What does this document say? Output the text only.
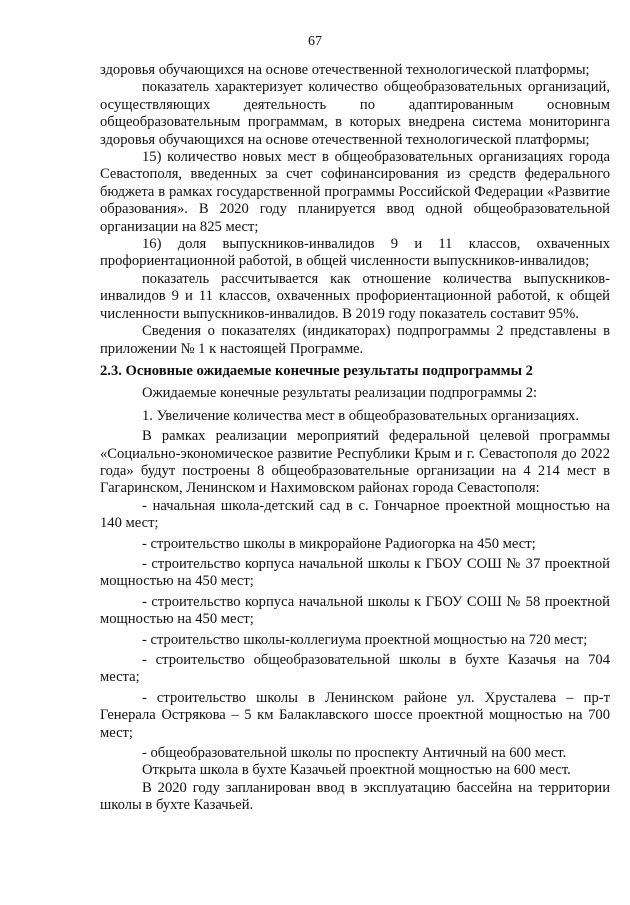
67

здоровья обучающихся на основе отечественной технологической платформы;

показатель характеризует количество общеобразовательных организаций, осуществляющих деятельность по адаптированным основным общеобразовательным программам, в которых внедрена система мониторинга здоровья обучающихся на основе отечественной технологической платформы;

15) количество новых мест в общеобразовательных организациях города Севастополя, введенных за счет софинансирования из средств федерального бюджета в рамках государственной программы Российской Федерации «Развитие образования». В 2020 году планируется ввод одной общеобразовательной организации на 825 мест;

16) доля выпускников-инвалидов 9 и 11 классов, охваченных профориентационной работой, в общей численности выпускников-инвалидов;

показатель рассчитывается как отношение количества выпускников-инвалидов 9 и 11 классов, охваченных профориентационной работой, к общей численности выпускников-инвалидов. В 2019 году показатель составит 95%.

Сведения о показателях (индикаторах) подпрограммы 2 представлены в приложении № 1 к настоящей Программе.

2.3. Основные ожидаемые конечные результаты подпрограммы 2

Ожидаемые конечные результаты реализации подпрограммы 2:

1. Увеличение количества мест в общеобразовательных организациях.

В рамках реализации мероприятий федеральной целевой программы «Социально-экономическое развитие Республики Крым и г. Севастополя до 2022 года» будут построены 8 общеобразовательные организации на 4 214 мест в Гагаринском, Ленинском и Нахимовском районах города Севастополя:

- начальная школа-детский сад в с. Гончарное проектной мощностью на 140 мест;

- строительство школы в микрорайоне Радиогорка на 450 мест;

- строительство корпуса начальной школы к ГБОУ СОШ № 37 проектной мощностью на 450 мест;

- строительство корпуса начальной школы к ГБОУ СОШ № 58 проектной мощностью на 450 мест;

- строительство школы-коллегиума проектной мощностью на 720 мест;

- строительство общеобразовательной школы в бухте Казачья на 704 места;

- строительство школы в Ленинском районе ул. Хрусталева – пр-т Генерала Острякова – 5 км Балаклавского шоссе проектной мощностью на 700 мест;

- общеобразовательной школы по проспекту Античный на 600 мест.

Открыта школа в бухте Казачьей проектной мощностью на 600 мест.

В 2020 году запланирован ввод в эксплуатацию бассейна на территории школы в бухте Казачьей.
